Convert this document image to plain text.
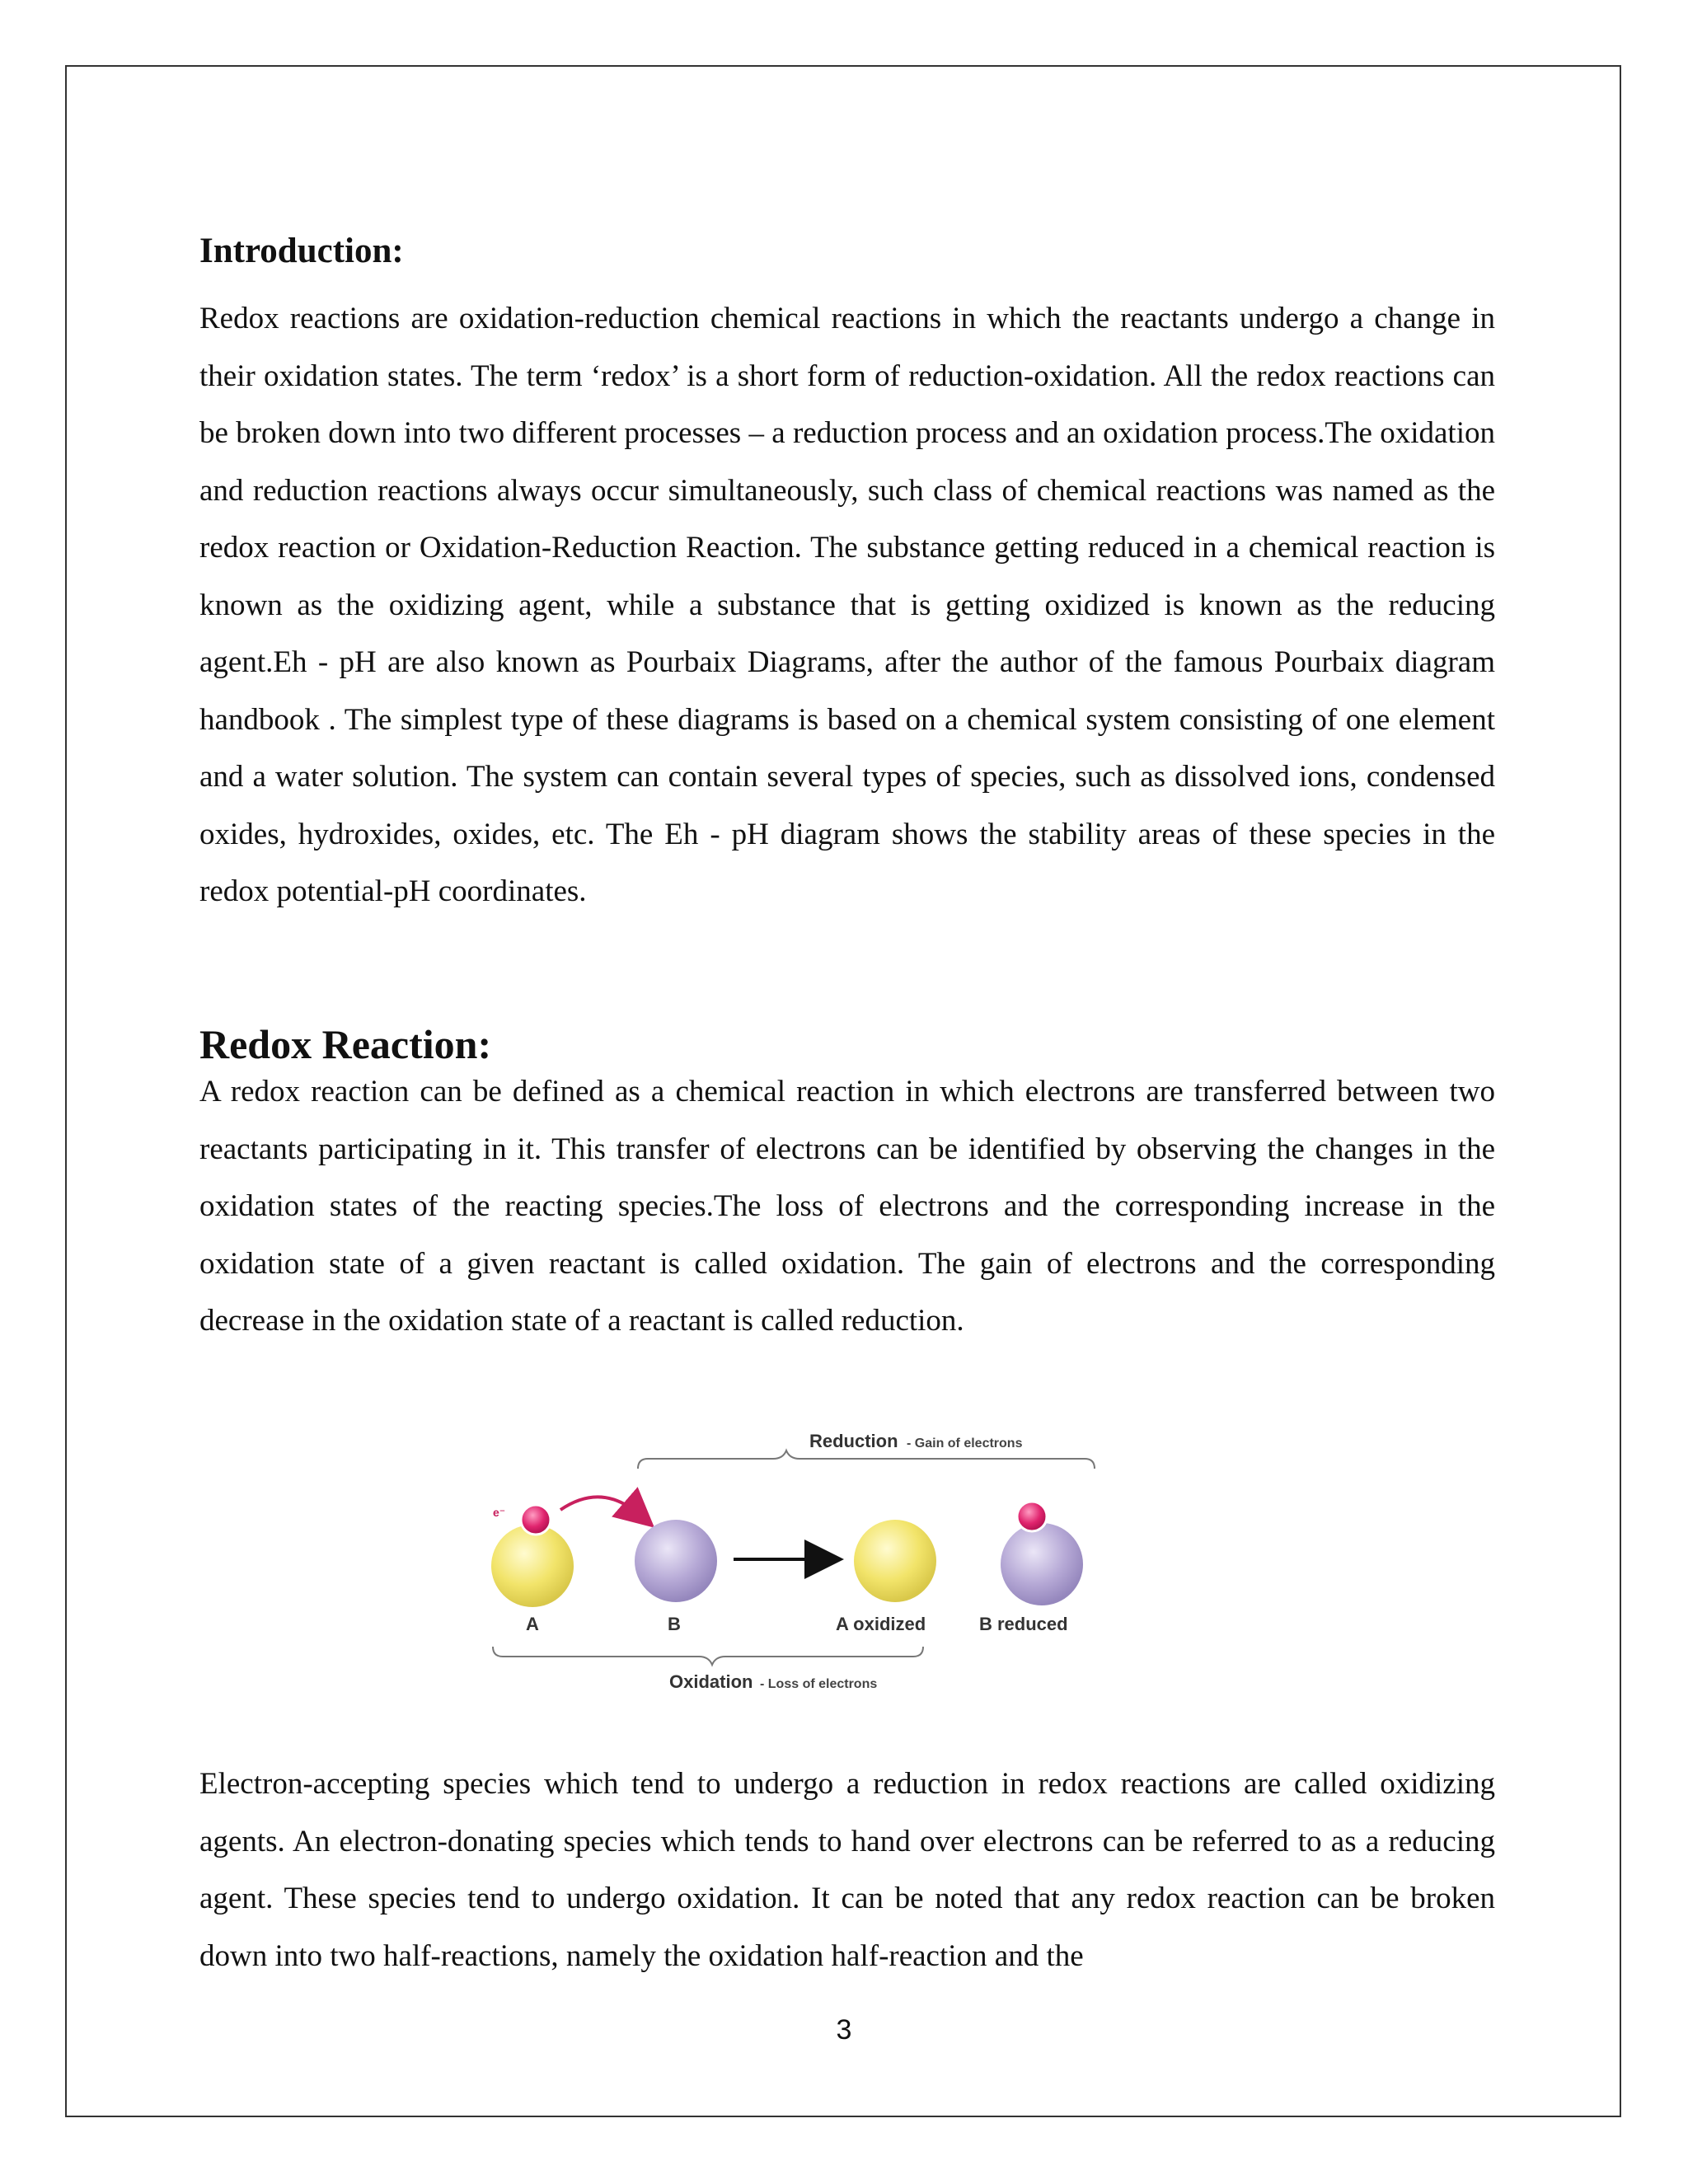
Introduction:

Redox reactions are oxidation-reduction chemical reactions in which the reactants undergo a change in their oxidation states. The term ‘redox’ is a short form of reduction-oxidation. All the redox reactions can be broken down into two different processes – a reduction process and an oxidation process.The oxidation and reduction reactions always occur simultaneously, such class of chemical reactions was named as the redox reaction or Oxidation-Reduction Reaction. The substance getting reduced in a chemical reaction is known as the oxidizing agent, while a substance that is getting oxidized is known as the reducing agent.Eh - pH are also known as Pourbaix Diagrams, after the author of the famous Pourbaix diagram handbook . The simplest type of these diagrams is based on a chemical system consisting of one element and a water solution. The system can contain several types of species, such as dissolved ions, condensed oxides, hydroxides, oxides, etc. The Eh - pH diagram shows the stability areas of these species in the redox potential-pH coordinates.

Redox Reaction:

A redox reaction can be defined as a chemical reaction in which electrons are transferred between two reactants participating in it. This transfer of electrons can be identified by observing the changes in the oxidation states of the reacting species.The loss of electrons and the corresponding increase in the oxidation state of a given reactant is called oxidation. The gain of electrons and the corresponding decrease in the oxidation state of a reactant is called reduction.

Reduction - Gain of electrons
e⁻
A	B	A oxidized	B reduced
Oxidation - Loss of electrons

Electron-accepting species which tend to undergo a reduction in redox reactions are called oxidizing agents. An electron-donating species which tends to hand over electrons can be referred to as a reducing agent. These species tend to undergo oxidation. It can be noted that any redox reaction can be broken down into two half-reactions, namely the oxidation half-reaction and the

3
